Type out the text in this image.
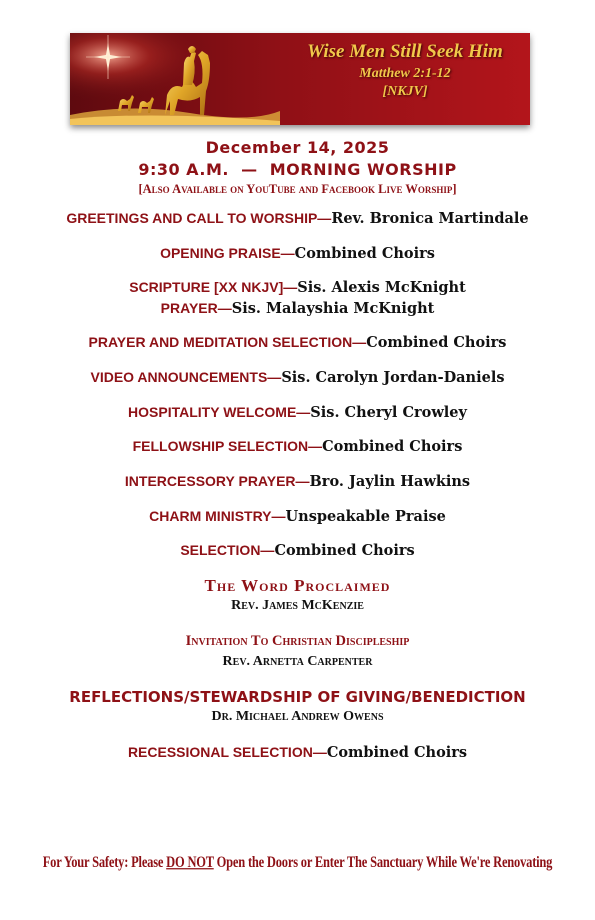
Wise Men Still Seek Him
Matthew 2:1-12
[NKJV]
December 14, 2025
9:30 A.M.  —  MORNING WORSHIP
[Also Available on YouTube and Facebook Live Worship]
GREETINGS AND CALL TO WORSHIP—Rev. Bronica Martindale
OPENING PRAISE—Combined Choirs
SCRIPTURE [XX NKJV]—Sis. Alexis McKnight
PRAYER—Sis. Malayshia McKnight
PRAYER AND MEDITATION SELECTION—Combined Choirs
VIDEO ANNOUNCEMENTS—Sis. Carolyn Jordan-Daniels
HOSPITALITY WELCOME—Sis. Cheryl Crowley
FELLOWSHIP SELECTION—Combined Choirs
INTERCESSORY PRAYER—Bro. Jaylin Hawkins
CHARM MINISTRY—Unspeakable Praise
SELECTION—Combined Choirs
The Word Proclaimed
Rev. James McKenzie
Invitation To Christian Discipleship
Rev. Arnetta Carpenter
REFLECTIONS/STEWARDSHIP OF GIVING/BENEDICTION
Dr. Michael Andrew Owens
RECESSIONAL SELECTION—Combined Choirs
For Your Safety: Please DO NOT Open the Doors or Enter The Sanctuary While We're Renovating
